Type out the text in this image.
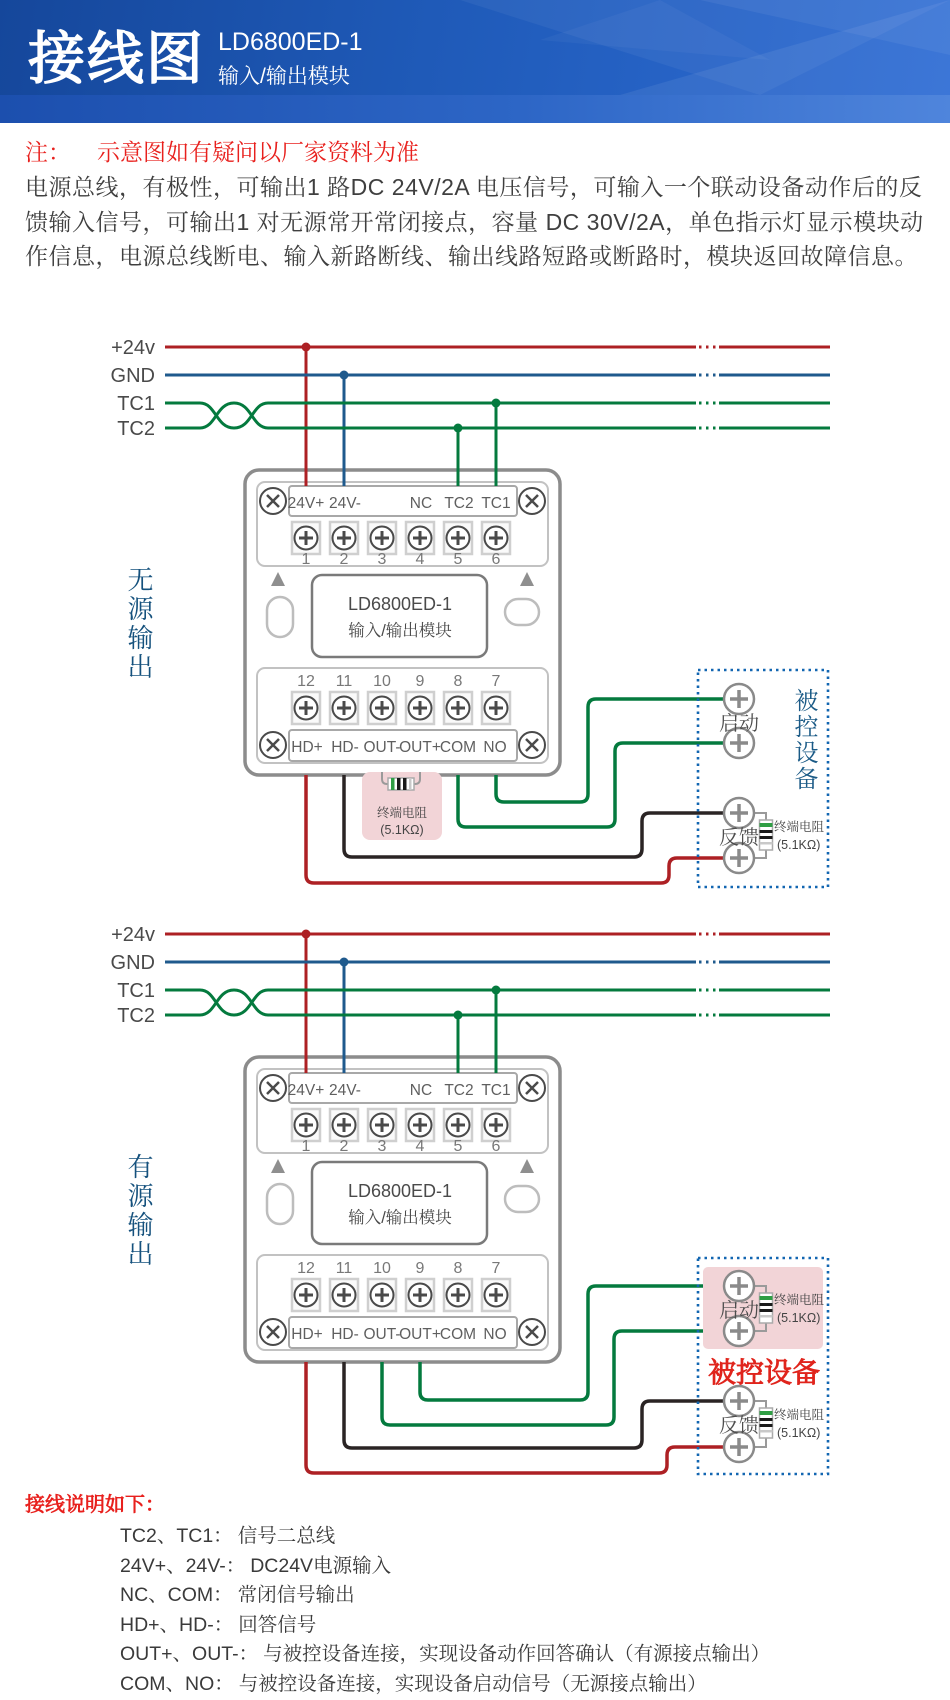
接线图 LD6800ED-1
输入/输出模块
注： 示意图如有疑问以厂家资料为准
电源总线，有极性，可输出1 路DC 24V/2A 电压信号，可输入一个联动设备动作后的反馈输入信号，可输出1 对无源常开常闭接点，容量 DC 30V/2A，单色指示灯显示模块动作信息，电源总线断电、输入新路断线、输出线路短路或断路时，模块返回故障信息。
终端电阻
(5.1KΩ)
启动
反馈 终端电阻
(5.1KΩ)
启动 终端电阻
(5.1KΩ)
反馈 终端电阻
(5.1KΩ)
无源输出
有源输出
被控设备
被控设备
接线说明如下：
TC2、TC1： 信号二总线
24V+、24V-： DC24V电源输入
NC、COM： 常闭信号输出
HD+、HD-： 回答信号
OUT+、OUT-： 与被控设备连接，实现设备动作回答确认（有源接点输出）
COM、NO： 与被控设备连接，实现设备启动信号（无源接点输出）
